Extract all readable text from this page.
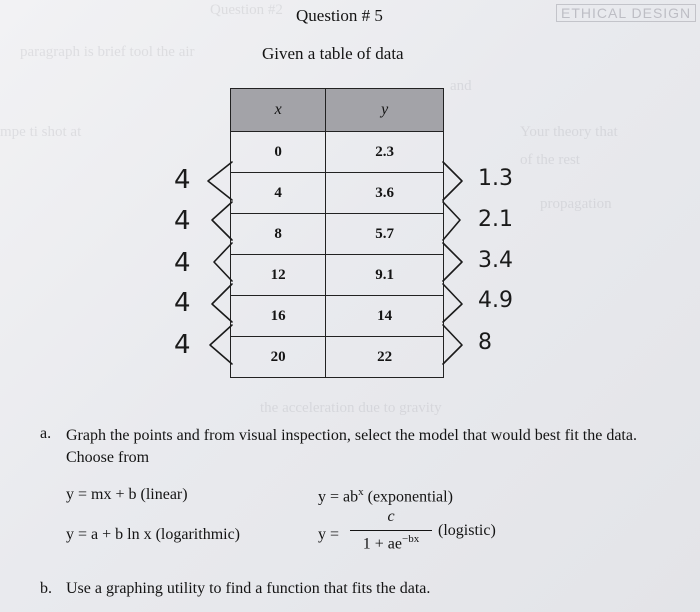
Question #2
paragraph is brief tool the air
and
mpe ti shot at	Your theory that
of the rest
propagation
the acceleration due to gravity
ETHICAL DESIGN
Question # 5
Given a table of data
x	y
0	2.3
4	3.6
8	5.7
12	9.1
16	14
20	22
4
4
4
4
4
1.3
2.1
3.4
4.9
8
a. Graph the points and from visual inspection, select the model that would best fit the data. Choose from
y = mx + b (linear)	$y = ab^x$ (exponential)
y = a + b ln x (logarithmic)	y =
c
$1 + ae^{-bx}$	(logistic)
b. Use a graphing utility to find a function that fits the data.
